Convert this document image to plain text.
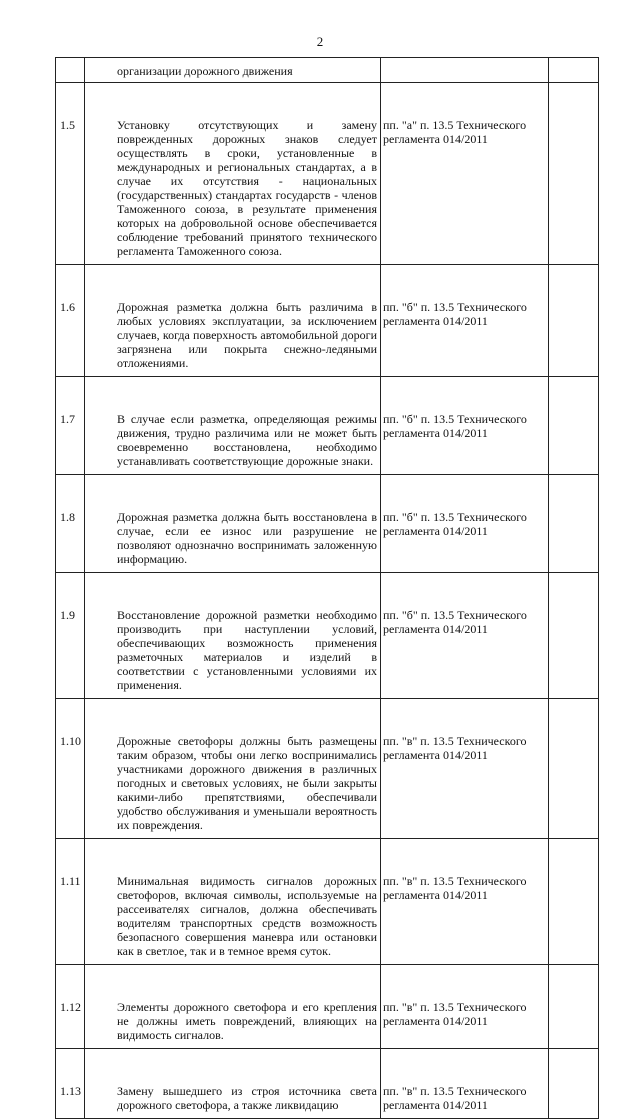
2
	организации дорожного движения		
1.5	Установку отсутствующих и замену поврежденных дорожных знаков следует осуществлять в сроки, установленные в международных и региональных стандартах, а в случае их отсутствия - национальных (государственных) стандартах государств - членов Таможенного союза, в результате применения которых на добровольной основе обеспечивается соблюдение требований принятого технического регламента Таможенного союза.	пп. "а" п. 13.5 Технического регламента 014/2011	
1.6	Дорожная разметка должна быть различима в любых условиях эксплуатации, за исключением случаев, когда поверхность автомобильной дороги загрязнена или покрыта снежно-ледяными отложениями.	пп. "б" п. 13.5 Технического регламента 014/2011	
1.7	В случае если разметка, определяющая режимы движения, трудно различима или не может быть своевременно восстановлена, необходимо устанавливать соответствующие дорожные знаки.	пп. "б" п. 13.5 Технического регламента 014/2011	
1.8	Дорожная разметка должна быть восстановлена в случае, если ее износ или разрушение не позволяют однозначно воспринимать заложенную информацию.	пп. "б" п. 13.5 Технического регламента 014/2011	
1.9	Восстановление дорожной разметки необходимо производить при наступлении условий, обеспечивающих возможность применения разметочных материалов и изделий в соответствии с установленными условиями их применения.	пп. "б" п. 13.5 Технического регламента 014/2011	
1.10	Дорожные светофоры должны быть размещены таким образом, чтобы они легко воспринимались участниками дорожного движения в различных погодных и световых условиях, не были закрыты какими-либо препятствиями, обеспечивали удобство обслуживания и уменьшали вероятность их повреждения.	пп. "в" п. 13.5 Технического регламента 014/2011	
1.11	Минимальная видимость сигналов дорожных светофоров, включая символы, используемые на рассеивателях сигналов, должна обеспечивать водителям транспортных средств возможность безопасного совершения маневра или остановки как в светлое, так и в темное время суток.	пп. "в" п. 13.5 Технического регламента 014/2011	
1.12	Элементы дорожного светофора и его крепления не должны иметь повреждений, влияющих на видимость сигналов.	пп. "в" п. 13.5 Технического регламента 014/2011	
1.13	Замену вышедшего из строя источника света дорожного светофора, а также ликвидацию	пп. "в" п. 13.5 Технического регламента 014/2011	
